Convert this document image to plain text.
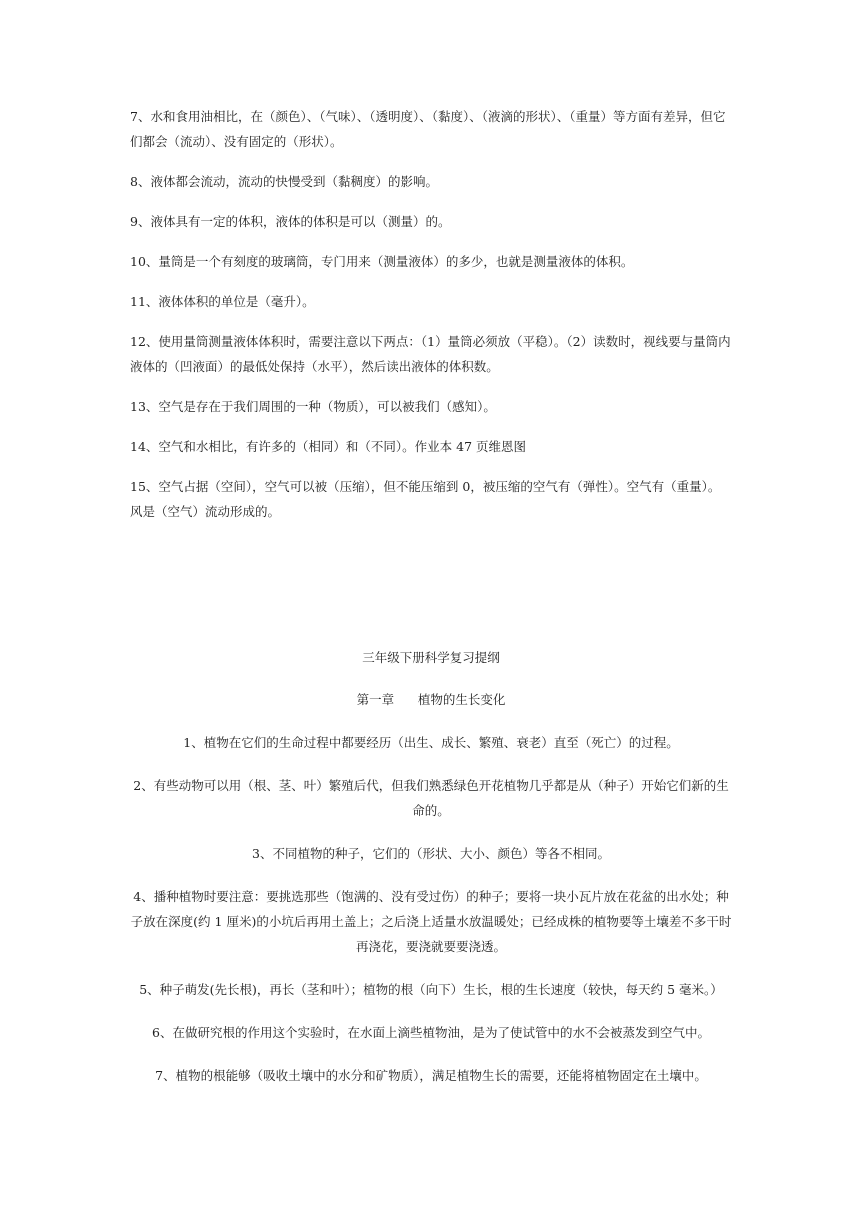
7、水和食用油相比，在（颜色）、（气味）、（透明度）、（黏度）、（液滴的形状）、（重量）等方面有差异，但它们都会（流动）、没有固定的（形状）。

8、液体都会流动，流动的快慢受到（黏稠度）的影响。

9、液体具有一定的体积，液体的体积是可以（测量）的。

10、量筒是一个有刻度的玻璃筒，专门用来（测量液体）的多少，也就是测量液体的体积。

11、液体体积的单位是（毫升）。

12、使用量筒测量液体体积时，需要注意以下两点：（1）量筒必须放（平稳）。（2）读数时，视线要与量筒内液体的（凹液面）的最低处保持（水平），然后读出液体的体积数。

13、空气是存在于我们周围的一种（物质），可以被我们（感知）。

14、空气和水相比，有许多的（相同）和（不同）。作业本 47 页维恩图

15、空气占据（空间），空气可以被（压缩），但不能压缩到 0，被压缩的空气有（弹性）。空气有（重量）。风是（空气）流动形成的。

三年级下册科学复习提纲

第一章      植物的生长变化

1、植物在它们的生命过程中都要经历（出生、成长、繁殖、衰老）直至（死亡）的过程。

2、有些动物可以用（根、茎、叶）繁殖后代，但我们熟悉绿色开花植物几乎都是从（种子）开始它们新的生命的。

3、不同植物的种子，它们的（形状、大小、颜色）等各不相同。

4、播种植物时要注意：要挑选那些（饱满的、没有受过伤）的种子；要将一块小瓦片放在花盆的出水处；种子放在深度(约 1 厘米)的小坑后再用土盖上；之后浇上适量水放温暖处；已经成株的植物要等土壤差不多干时再浇花，要浇就要要浇透。

5、种子萌发(先长根)，再长（茎和叶）；植物的根（向下）生长，根的生长速度（较快，每天约 5 毫米。）

6、在做研究根的作用这个实验时，在水面上滴些植物油，是为了使试管中的水不会被蒸发到空气中。

7、植物的根能够（吸收土壤中的水分和矿物质），满足植物生长的需要，还能将植物固定在土壤中。
